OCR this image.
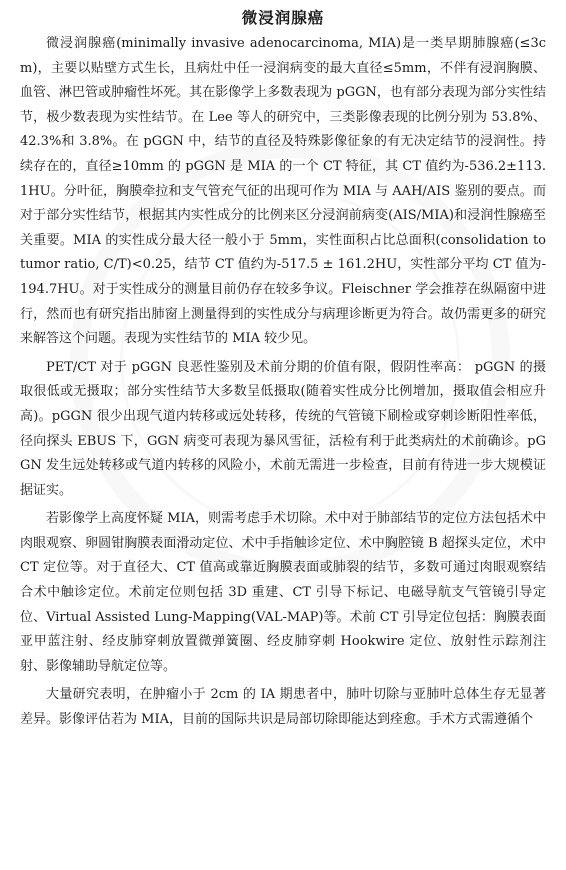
微浸润腺癌

微浸润腺癌(minimally invasive adenocarcinoma, MIA)是一类早期肺腺癌(≤3cm)，主要以贴壁方式生长，且病灶中任一浸润病变的最大直径≤5mm，不伴有浸润胸膜、血管、淋巴管或肿瘤性坏死。其在影像学上多数表现为 pGGN，也有部分表现为部分实性结节，极少数表现为实性结节。在 Lee 等人的研究中，三类影像表现的比例分别为 53.8%、42.3%和 3.8%。在 pGGN 中，结节的直径及特殊影像征象的有无决定结节的浸润性。持续存在的，直径≥10mm 的 pGGN 是 MIA 的一个 CT 特征，其 CT 值约为-536.2±113.1HU。分叶征，胸膜牵拉和支气管充气征的出现可作为 MIA 与 AAH/AIS 鉴别的要点。而对于部分实性结节，根据其内实性成分的比例来区分浸润前病变(AIS/MIA)和浸润性腺癌至关重要。MIA 的实性成分最大径一般小于 5mm，实性面积占比总面积(consolidation to tumor ratio, C/T)<0.25，结节 CT 值约为-517.5 ± 161.2HU，实性部分平均 CT 值为-194.7HU。对于实性成分的测量目前仍存在较多争议。Fleischner 学会推荐在纵隔窗中进行，然而也有研究指出肺窗上测量得到的实性成分与病理诊断更为符合。故仍需更多的研究来解答这个问题。表现为实性结节的 MIA 较少见。

PET/CT 对于 pGGN 良恶性鉴别及术前分期的价值有限，假阴性率高： pGGN 的摄取很低或无摄取；部分实性结节大多数呈低摄取(随着实性成分比例增加，摄取值会相应升高)。pGGN 很少出现气道内转移或远处转移，传统的气管镜下刷检或穿刺诊断阳性率低，径向探头 EBUS 下，GGN 病变可表现为暴风雪征，活检有利于此类病灶的术前确诊。pGGN 发生远处转移或气道内转移的风险小，术前无需进一步检查，目前有待进一步大规模证据证实。

若影像学上高度怀疑 MIA，则需考虑手术切除。术中对于肺部结节的定位方法包括术中肉眼观察、卵圆钳胸膜表面滑动定位、术中手指触诊定位、术中胸腔镜 B 超探头定位，术中 CT 定位等。对于直径大、CT 值高或靠近胸膜表面或肺裂的结节，多数可通过肉眼观察结合术中触诊定位。术前定位则包括 3D 重建、CT 引导下标记、电磁导航支气管镜引导定位、Virtual Assisted Lung-Mapping(VAL-MAP)等。术前 CT 引导定位包括：胸膜表面亚甲蓝注射、经皮肺穿刺放置微弹簧圈、经皮肺穿刺 Hookwire 定位、放射性示踪剂注射、影像辅助导航定位等。

大量研究表明，在肿瘤小于 2cm 的 IA 期患者中，肺叶切除与亚肺叶总体生存无显著差异。影像评估若为 MIA，目前的国际共识是局部切除即能达到痊愈。手术方式需遵循个
